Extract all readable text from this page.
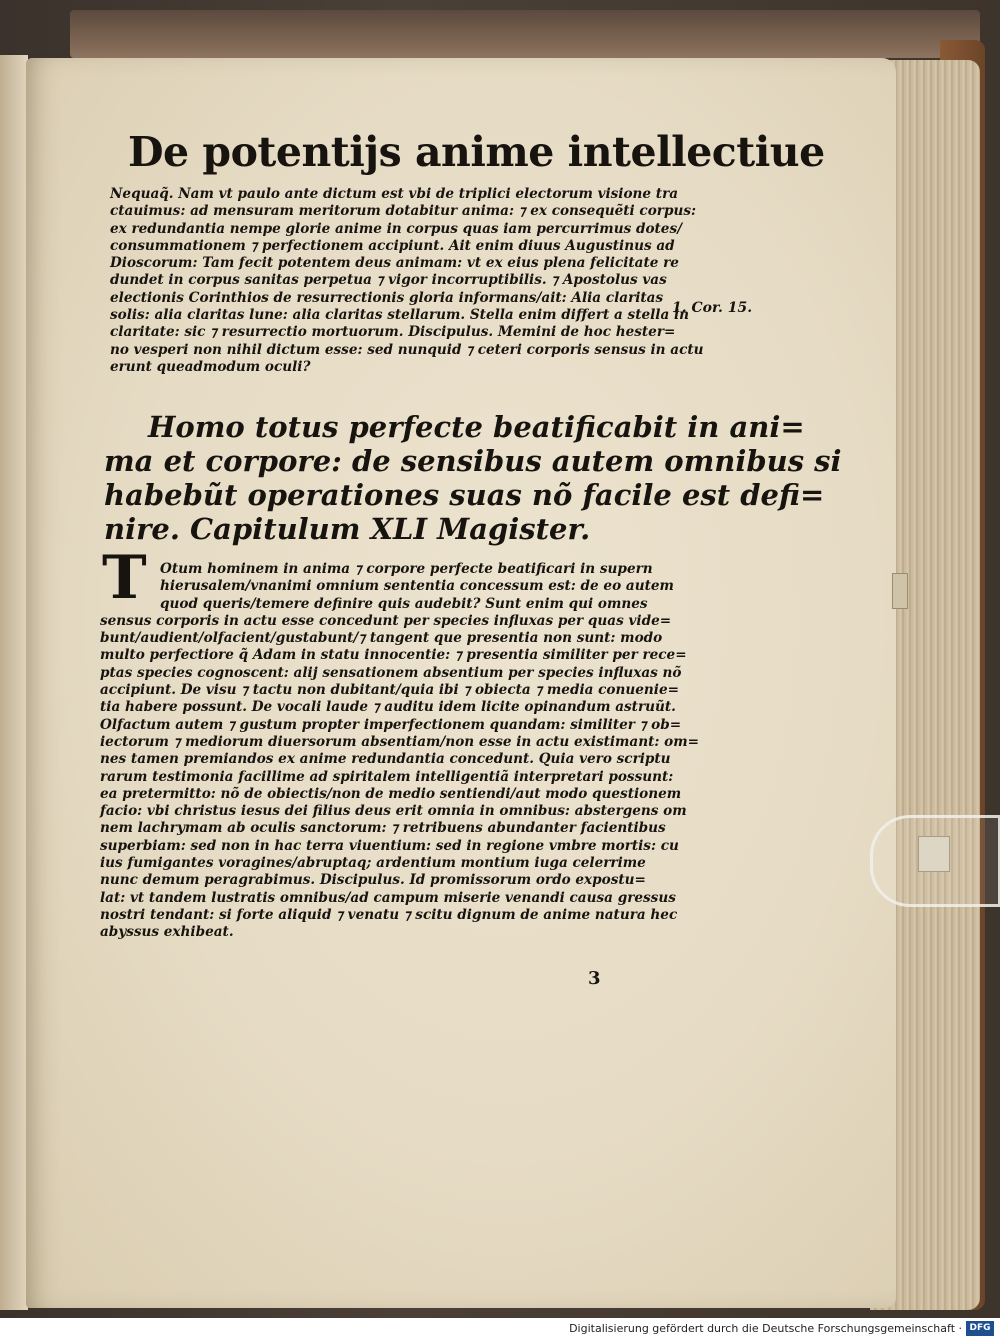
De potentijs anime intellectiue
Nequaq̃. Nam vt paulo ante dictum est vbi de triplici electorum visione tra
ctauimus: ad mensuram meritorum dotabitur anima: ⁊ ex consequẽti corpus:
ex redundantia nempe glorie anime in corpus quas iam percurrimus dotes/
consummationem ⁊ perfectionem accipiunt. Ait enim diuus Augustinus ad
Dioscorum: Tam fecit potentem deus animam: vt ex eius plena felicitate re
dundet in corpus sanitas perpetua ⁊ vigor incorruptibilis. ⁊ Apostolus vas
electionis Corinthios de resurrectionis gloria informans/ait: Alia claritas
solis: alia claritas lune: alia claritas stellarum. Stella enim differt a stella in
claritate: sic ⁊ resurrectio mortuorum. Discipulus. Memini de hoc hester=
no vesperi non nihil dictum esse: sed nunquid ⁊ ceteri corporis sensus in actu
erunt queadmodum oculi?
1. Cor. 15.
Homo totus perfecte beatificabit in ani=
ma et corpore: de sensibus autem omnibus si
habebũt operationes suas nõ facile est defi=
nire. Capitulum XLI Magister.
T Otum hominem in anima ⁊ corpore perfecte beatificari in supern
hierusalem/vnanimi omnium sententia concessum est: de eo autem
quod queris/temere definire quis audebit? Sunt enim qui omnes
sensus corporis in actu esse concedunt per species influxas per quas vide=
bunt/audient/olfacient/gustabunt/⁊ tangent que presentia non sunt: modo
multo perfectiore q̃ Adam in statu innocentie: ⁊ presentia similiter per rece=
ptas species cognoscent: alij sensationem absentium per species influxas nõ
accipiunt. De visu ⁊ tactu non dubitant/quia ibi ⁊ obiecta ⁊ media conuenie=
tia habere possunt. De vocali laude ⁊ auditu idem licite opinandum astruũt.
Olfactum autem ⁊ gustum propter imperfectionem quandam: similiter ⁊ ob=
iectorum ⁊ mediorum diuersorum absentiam/non esse in actu existimant: om=
nes tamen premiandos ex anime redundantia concedunt. Quia vero scriptu
rarum testimonia facillime ad spiritalem intelligentiã interpretari possunt:
ea pretermitto: nõ de obiectis/non de medio sentiendi/aut modo questionem
facio: vbi christus iesus dei filius deus erit omnia in omnibus: abstergens om
nem lachrymam ab oculis sanctorum: ⁊ retribuens abundanter facientibus
superbiam: sed non in hac terra viuentium: sed in regione vmbre mortis: cu
ius fumigantes voragines/abruptaq; ardentium montium iuga celerrime
nunc demum peragrabimus. Discipulus. Id promissorum ordo expostu=
lat: vt tandem lustratis omnibus/ad campum miserie venandi causa gressus
nostri tendant: si forte aliquid ⁊ venatu ⁊ scitu dignum de anime natura hec
abyssus exhibeat.
3
Digitalisierung gefördert durch die Deutsche Forschungsgemeinschaft · DFG
